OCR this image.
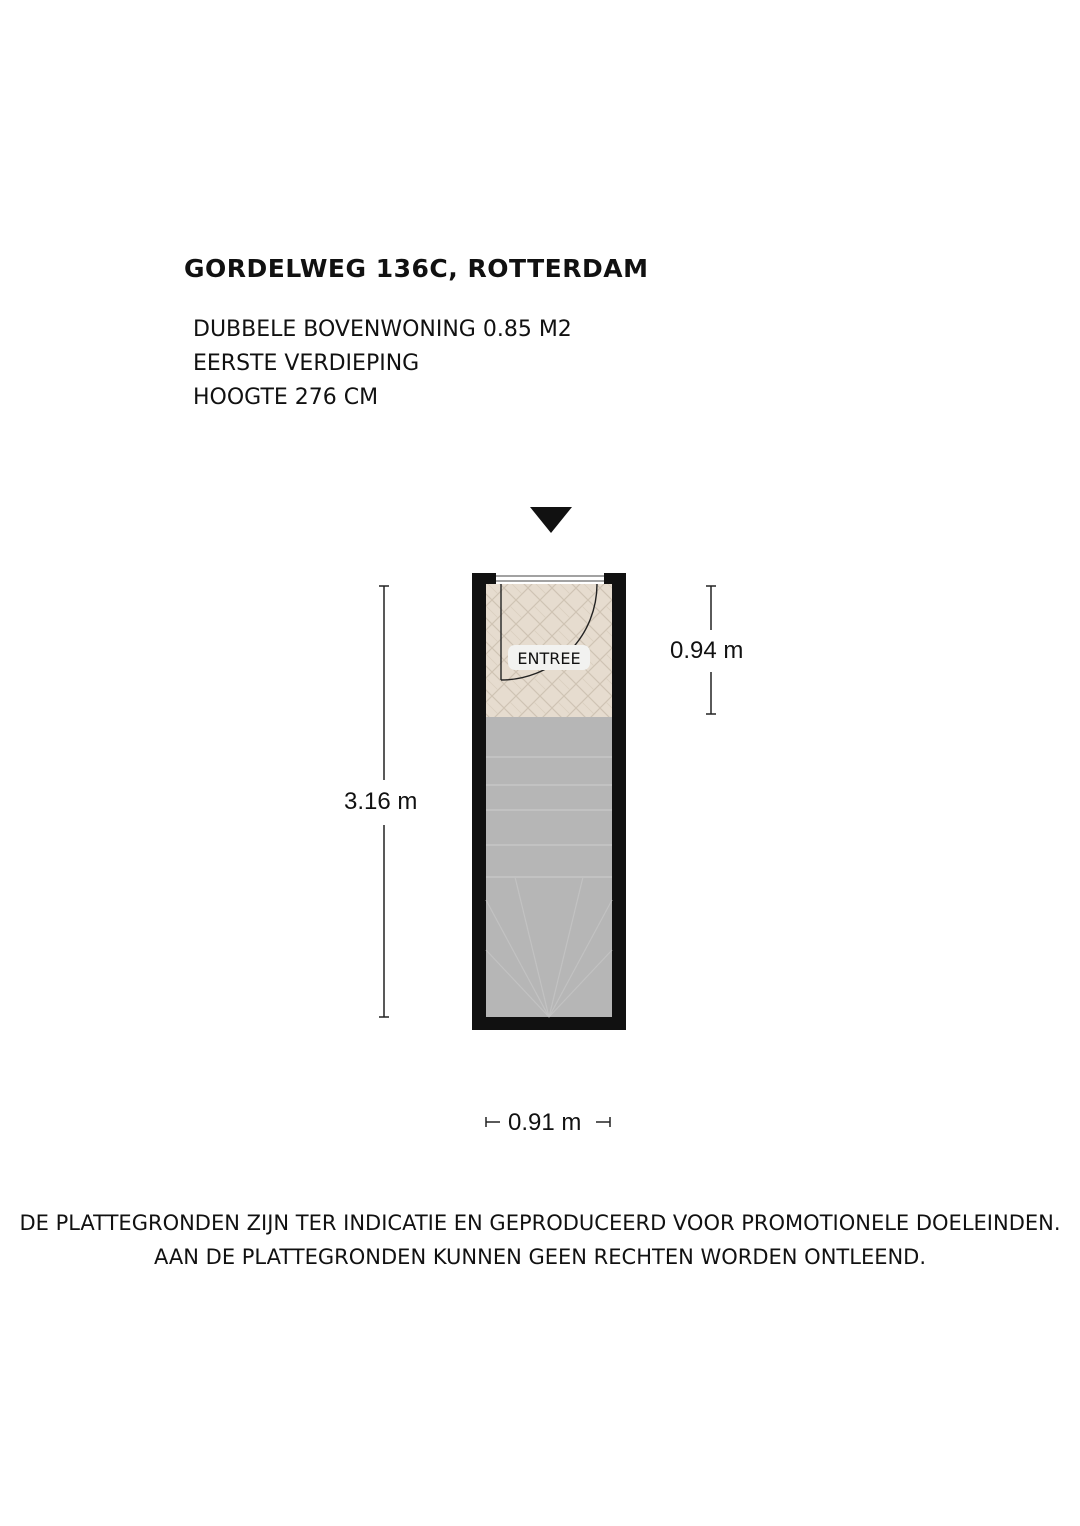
GORDELWEG 136C, ROTTERDAM
DUBBELE BOVENWONING 0.85 M2
EERSTE VERDIEPING
HOOGTE 276 CM
ENTREE
3.16 m
0.94 m
0.91 m
DE PLATTEGRONDEN ZIJN TER INDICATIE EN GEPRODUCEERD VOOR PROMOTIONELE DOELEINDEN.
AAN DE PLATTEGRONDEN KUNNEN GEEN RECHTEN WORDEN ONTLEEND.
